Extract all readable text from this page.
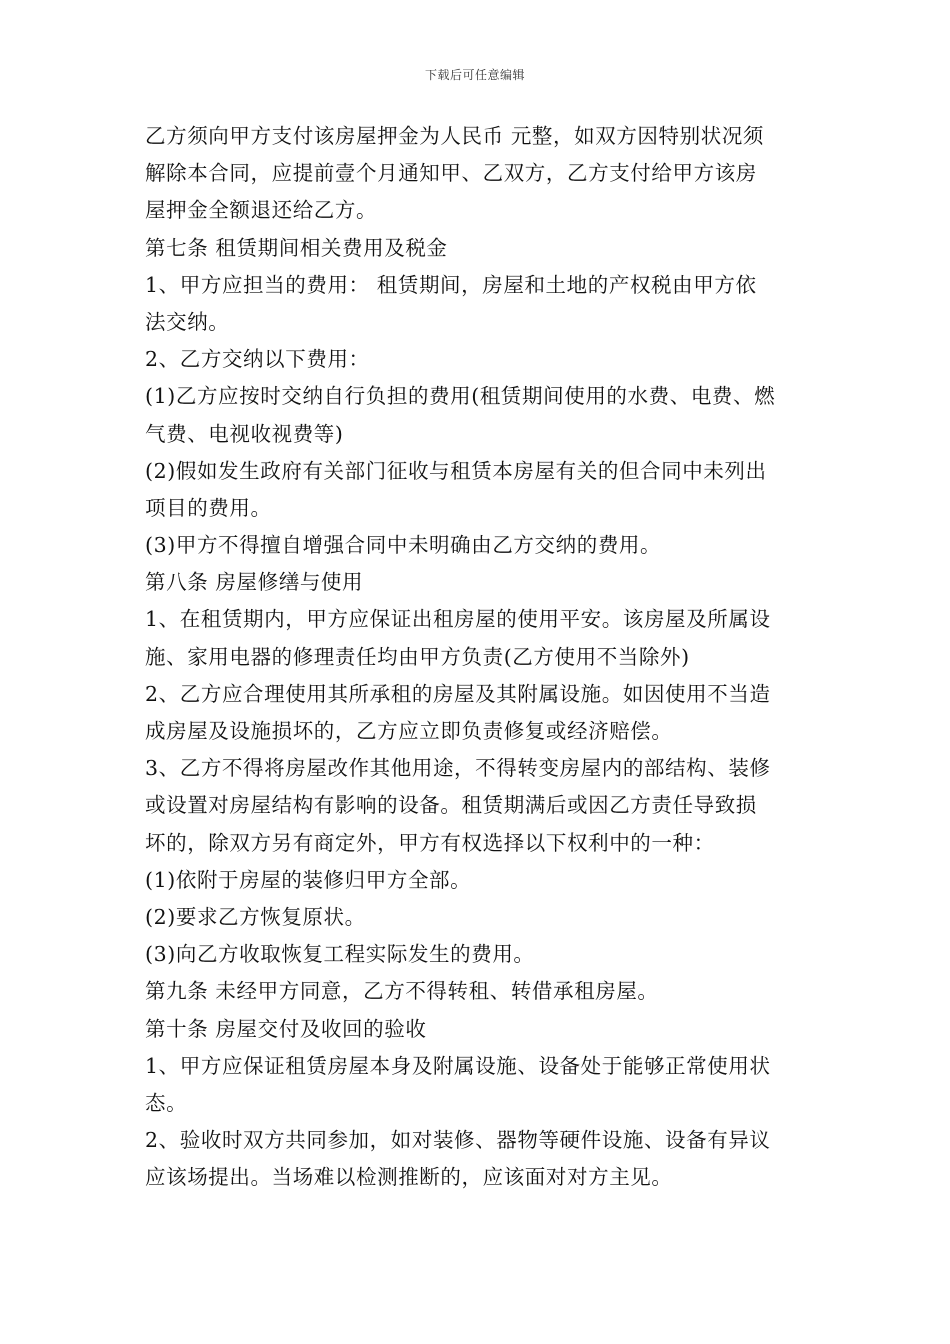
下载后可任意编辑
乙方须向甲方支付该房屋押金为人民币 元整，如双方因特别状况须
解除本合同，应提前壹个月通知甲、乙双方，乙方支付给甲方该房
屋押金全额退还给乙方。
第七条 租赁期间相关费用及税金
1、甲方应担当的费用： 租赁期间，房屋和土地的产权税由甲方依
法交纳。
2、乙方交纳以下费用：
(1)乙方应按时交纳自行负担的费用(租赁期间使用的水费、电费、燃
气费、电视收视费等)
(2)假如发生政府有关部门征收与租赁本房屋有关的但合同中未列出
项目的费用。
(3)甲方不得擅自增强合同中未明确由乙方交纳的费用。
第八条 房屋修缮与使用
1、在租赁期内，甲方应保证出租房屋的使用平安。该房屋及所属设
施、家用电器的修理责任均由甲方负责(乙方使用不当除外)
2、乙方应合理使用其所承租的房屋及其附属设施。如因使用不当造
成房屋及设施损坏的，乙方应立即负责修复或经济赔偿。
3、乙方不得将房屋改作其他用途，不得转变房屋内的部结构、装修
或设置对房屋结构有影响的设备。租赁期满后或因乙方责任导致损
坏的，除双方另有商定外，甲方有权选择以下权利中的一种：
(1)依附于房屋的装修归甲方全部。
(2)要求乙方恢复原状。
(3)向乙方收取恢复工程实际发生的费用。
第九条 未经甲方同意，乙方不得转租、转借承租房屋。
第十条 房屋交付及收回的验收
1、甲方应保证租赁房屋本身及附属设施、设备处于能够正常使用状
态。
2、验收时双方共同参加，如对装修、器物等硬件设施、设备有异议
应该场提出。当场难以检测推断的，应该面对对方主见。
